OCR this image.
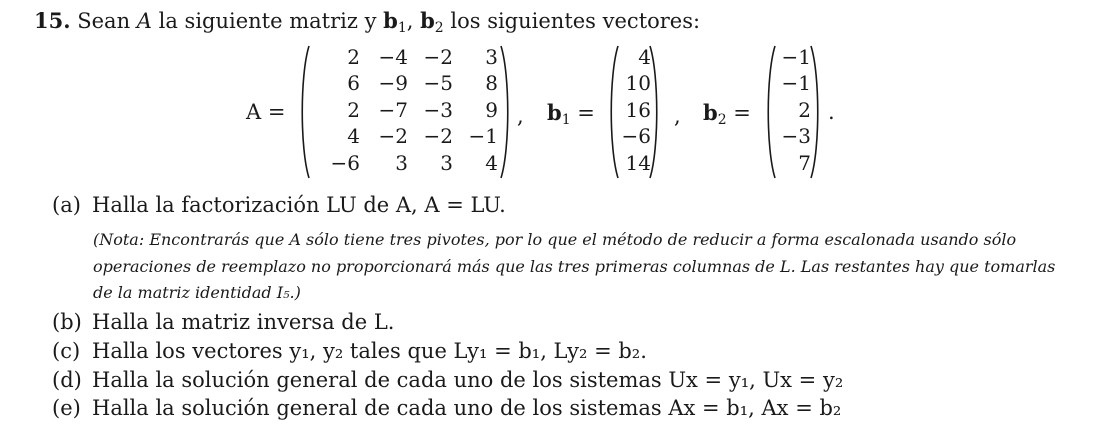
15. Sean A la siguiente matriz y $b_1$, $b_2$ los siguientes vectores:
A =
2 −4 −2	3
6 −9 −5	8
2 −7 −3	9
4 −2 −2 −1
−6	3	3	4
, $b_1$ =
4
10
16
−6
14
, $b_2$ =
−1
−1
2
−3
7
.
(a) Halla la factorización LU de A, A = LU.
(Nota: Encontrarás que A sólo tiene tres pivotes, por lo que el método de reducir a forma escalonada usando sólo
operaciones de reemplazo no proporcionará más que las tres primeras columnas de L. Las restantes hay que tomarlas
de la matriz identidad I₅.)
(b) Halla la matriz inversa de L.
(c) Halla los vectores y₁, y₂ tales que Ly₁ = b₁, Ly₂ = b₂.
(d) Halla la solución general de cada uno de los sistemas Ux = y₁, Ux = y₂
(e) Halla la solución general de cada uno de los sistemas Ax = b₁, Ax = b₂
